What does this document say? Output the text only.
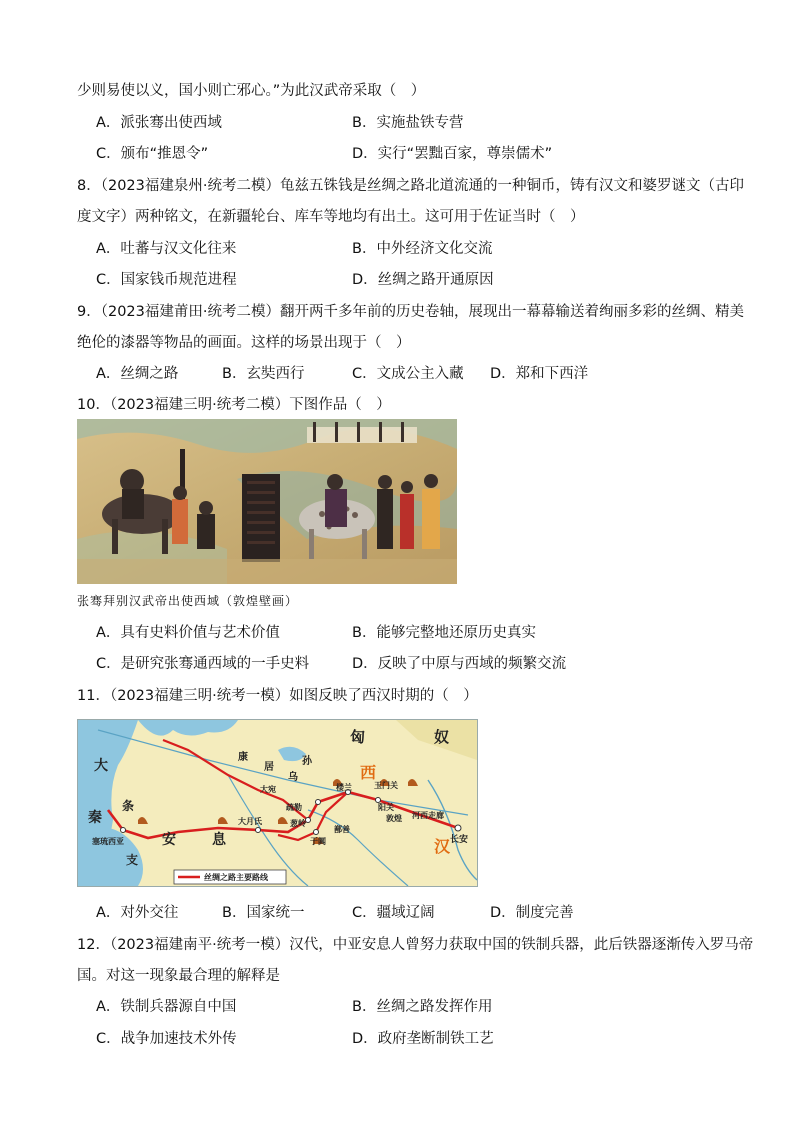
少则易使以义，国小则亡邪心。”为此汉武帝采取（　）
A．派张骞出使西域	B．实施盐铁专营
C．颁布“推恩令”	D．实行“罢黜百家，尊崇儒术”
8．（2023福建泉州·统考二模）龟兹五铢钱是丝绸之路北道流通的一种铜币，铸有汉文和婆罗谜文（古印
度文字）两种铭文，在新疆轮台、库车等地均有出土。这可用于佐证当时（　）
A．吐蕃与汉文化往来	B．中外经济文化交流
C．国家钱币规范进程	D．丝绸之路开通原因
9．（2023福建莆田·统考二模）翻开两千多年前的历史卷轴，展现出一幕幕输送着绚丽多彩的丝绸、精美
绝伦的漆器等物品的画面。这样的场景出现于（　）
A．丝绸之路	B．玄奘西行	C．文成公主入藏 D．郑和下西洋
10．（2023福建三明·统考二模）下图作品（　）
张骞拜别汉武帝出使西域（敦煌壁画）
A．具有史料价值与艺术价值	B．能够完整地还原历史真实
C．是研究张骞通西域的一手史料	D．反映了中原与西域的频繁交流
11．（2023福建三明·统考一模）如图反映了西汉时期的（　）
匈	奴
西
汉
大
秦
安	息
条
支
康
居
乌
孙
大宛
疏勒
葱岭
大月氏
于阗
楼兰	玉门关
阳关
敦煌 河西走廊
长安
鄯善
塞琉西亚
丝绸之路主要路线
A．对外交往	B．国家统一	C．疆域辽阔	D．制度完善
12．（2023福建南平·统考一模）汉代，中亚安息人曾努力获取中国的铁制兵器，此后铁器逐渐传入罗马帝
国。对这一现象最合理的解释是
A．铁制兵器源自中国	B．丝绸之路发挥作用
C．战争加速技术外传	D．政府垄断制铁工艺
